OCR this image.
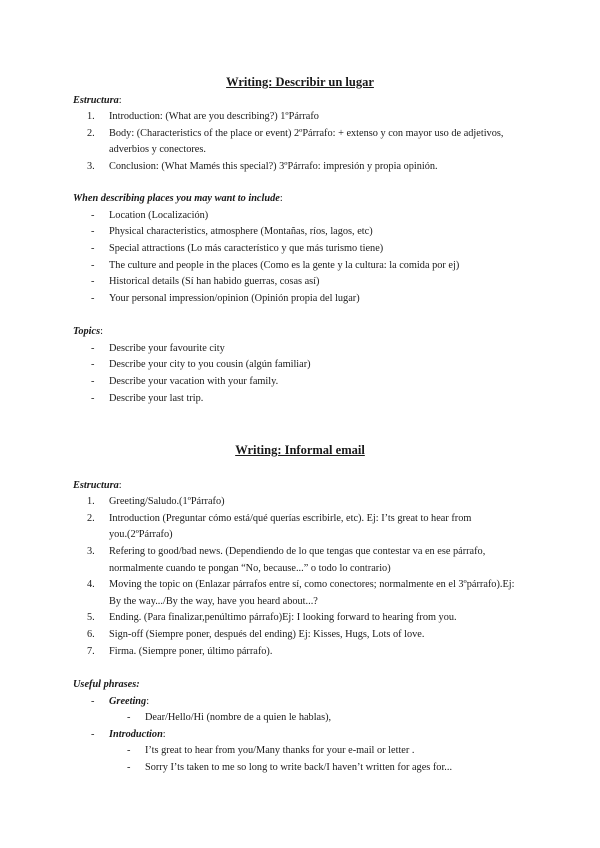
Writing: Describir un lugar
Estructura:
1. Introduction: (What are you describing?) 1ºPárrafo
2. Body: (Characteristics of the place or event) 2ºPárrafo: + extenso y con mayor uso de adjetivos,
adverbios y conectores.
3. Conclusion: (What Mamés this special?) 3ºPárrafo: impresión y propia opinión.
When describing places you may want to include:
- Location (Localización)
- Physical characteristics, atmosphere (Montañas, ríos, lagos, etc)
- Special attractions (Lo más característico y que más turismo tiene)
- The culture and people in the places (Como es la gente y la cultura: la comida por ej)
- Historical details (Sí han habido guerras, cosas así)
- Your personal impression/opinion (Opinión propia del lugar)
Topics:
- Describe your favourite city
- Describe your city to you cousin (algún familiar)
- Describe your vacation with your family.
- Describe your last trip.
Writing: Informal email
Estructura:
1. Greeting/Saludo.(1ºPárrafo)
2. Introduction (Preguntar cómo está/qué querías escribirle, etc). Ej: I’ts great to hear from
you.(2ºPárrafo)
3. Refering to good/bad news. (Dependiendo de lo que tengas que contestar va en ese párrafo,
normalmente cuando te pongan “No, because...” o todo lo contrario)
4. Moving the topic on (Enlazar párrafos entre sí, como conectores; normalmente en el 3ºpárrafo).Ej:
By the way.../By the way, have you heard about...?
5. Ending. (Para finalizar,penúltimo párrafo)Ej: I looking forward to hearing from you.
6. Sign-off (Siempre poner, después del ending) Ej: Kisses, Hugs, Lots of love.
7. Firma. (Siempre poner, último párrafo).
Useful phrases:
- Greeting:
- Dear/Hello/Hi (nombre de a quien le hablas),
- Introduction:
- I’ts great to hear from you/Many thanks for your e-mail or letter .
- Sorry I’ts taken to me so long to write back/I haven’t written for ages for...
